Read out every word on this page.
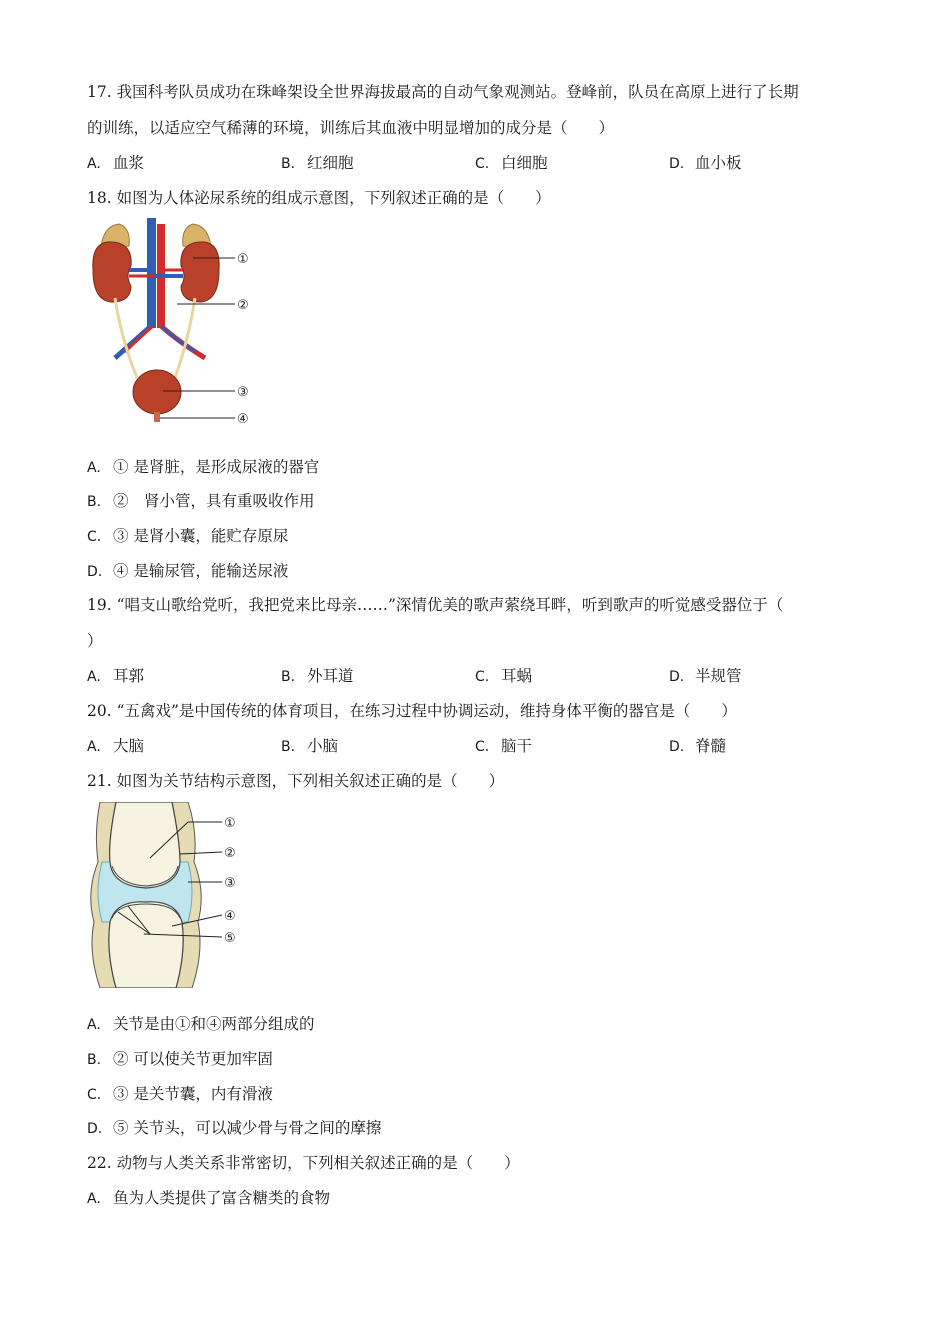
17. 我国科考队员成功在珠峰架设全世界海拔最高的自动气象观测站。登峰前，队员在高原上进行了长期
的训练，以适应空气稀薄的环境，训练后其血液中明显增加的成分是（　　）
A. 血浆	B. 红细胞	C. 白细胞	D. 血小板
18. 如图为人体泌尿系统的组成示意图，下列叙述正确的是（　　）
①
②
③
④
A. ① 是肾脏，是形成尿液的器官
B. ②　肾小管，具有重吸收作用
C. ③ 是肾小囊，能贮存原尿
D. ④ 是输尿管，能输送尿液
19. “唱支山歌给党听，我把党来比母亲……”深情优美的歌声萦绕耳畔，听到歌声的听觉感受器位于（
）
A. 耳郭	B. 外耳道	C. 耳蜗	D. 半规管
20. “五禽戏”是中国传统的体育项目，在练习过程中协调运动，维持身体平衡的器官是（　　）
A. 大脑	B. 小脑	C. 脑干	D. 脊髓
21. 如图为关节结构示意图，下列相关叙述正确的是（　　）
①
②
③
④
⑤
A. 关节是由①和④两部分组成的
B. ② 可以使关节更加牢固
C. ③ 是关节囊，内有滑液
D. ⑤ 关节头，可以减少骨与骨之间的摩擦
22. 动物与人类关系非常密切，下列相关叙述正确的是（　　）
A. 鱼为人类提供了富含糖类的食物
